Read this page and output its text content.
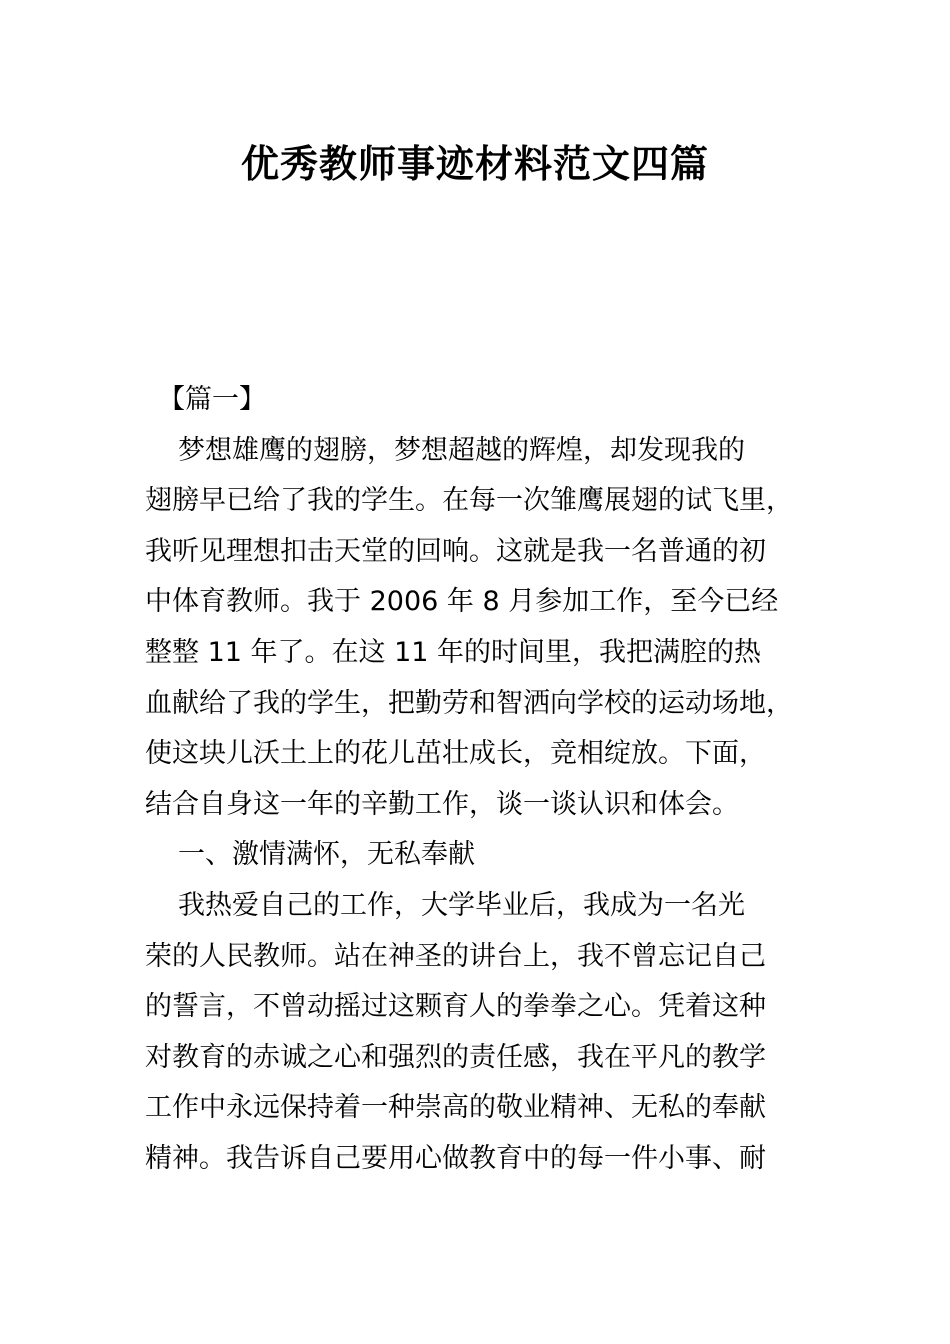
优秀教师事迹材料范文四篇
【篇一】
梦想雄鹰的翅膀，梦想超越的辉煌，却发现我的
翅膀早已给了我的学生。在每一次雏鹰展翅的试飞里，
我听见理想扣击天堂的回响。这就是我一名普通的初
中体育教师。我于 2006 年 8 月参加工作，至今已经
整整 11 年了。在这 11 年的时间里，我把满腔的热
血献给了我的学生，把勤劳和智洒向学校的运动场地，
使这块儿沃土上的花儿茁壮成长，竞相绽放。下面，
结合自身这一年的辛勤工作，谈一谈认识和体会。
一、激情满怀，无私奉献
我热爱自己的工作，大学毕业后，我成为一名光
荣的人民教师。站在神圣的讲台上，我不曾忘记自己
的誓言，不曾动摇过这颗育人的拳拳之心。凭着这种
对教育的赤诚之心和强烈的责任感，我在平凡的教学
工作中永远保持着一种崇高的敬业精神、无私的奉献
精神。我告诉自己要用心做教育中的每一件小事、耐
